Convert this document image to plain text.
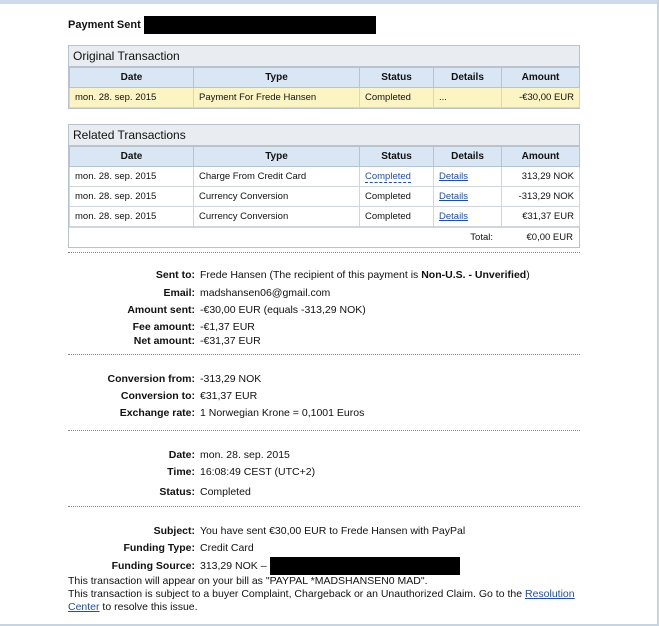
Payment Sent
Original Transaction
Date	Type	Status	Details	Amount
mon. 28. sep. 2015	Payment For Frede Hansen	Completed	...	-€30,00 EUR
Related Transactions
Date	Type	Status	Details	Amount
mon. 28. sep. 2015	Charge From Credit Card	Completed	Details	313,29 NOK
mon. 28. sep. 2015	Currency Conversion	Completed	Details	-313,29 NOK
mon. 28. sep. 2015	Currency Conversion	Completed	Details	€31,37 EUR
Total:	€0,00 EUR
Sent to: Frede Hansen (The recipient of this payment is Non-U.S. - Unverified)
Email: madshansen06@gmail.com
Amount sent: -€30,00 EUR (equals -313,29 NOK)
Fee amount: -€1,37 EUR
Net amount: -€31,37 EUR
Conversion from: -313,29 NOK
Conversion to: €31,37 EUR
Exchange rate: 1 Norwegian Krone = 0,1001 Euros
Date: mon. 28. sep. 2015
Time: 16:08:49 CEST (UTC+2)
Status: Completed
Subject: You have sent €30,00 EUR to Frede Hansen with PayPal
Funding Type: Credit Card
Funding Source: 313,29 NOK –
This transaction will appear on your bill as "PAYPAL *MADSHANSEN0 MAD".
This transaction is subject to a buyer Complaint, Chargeback or an Unauthorized Claim. Go to the Resolution Center to resolve this issue.
